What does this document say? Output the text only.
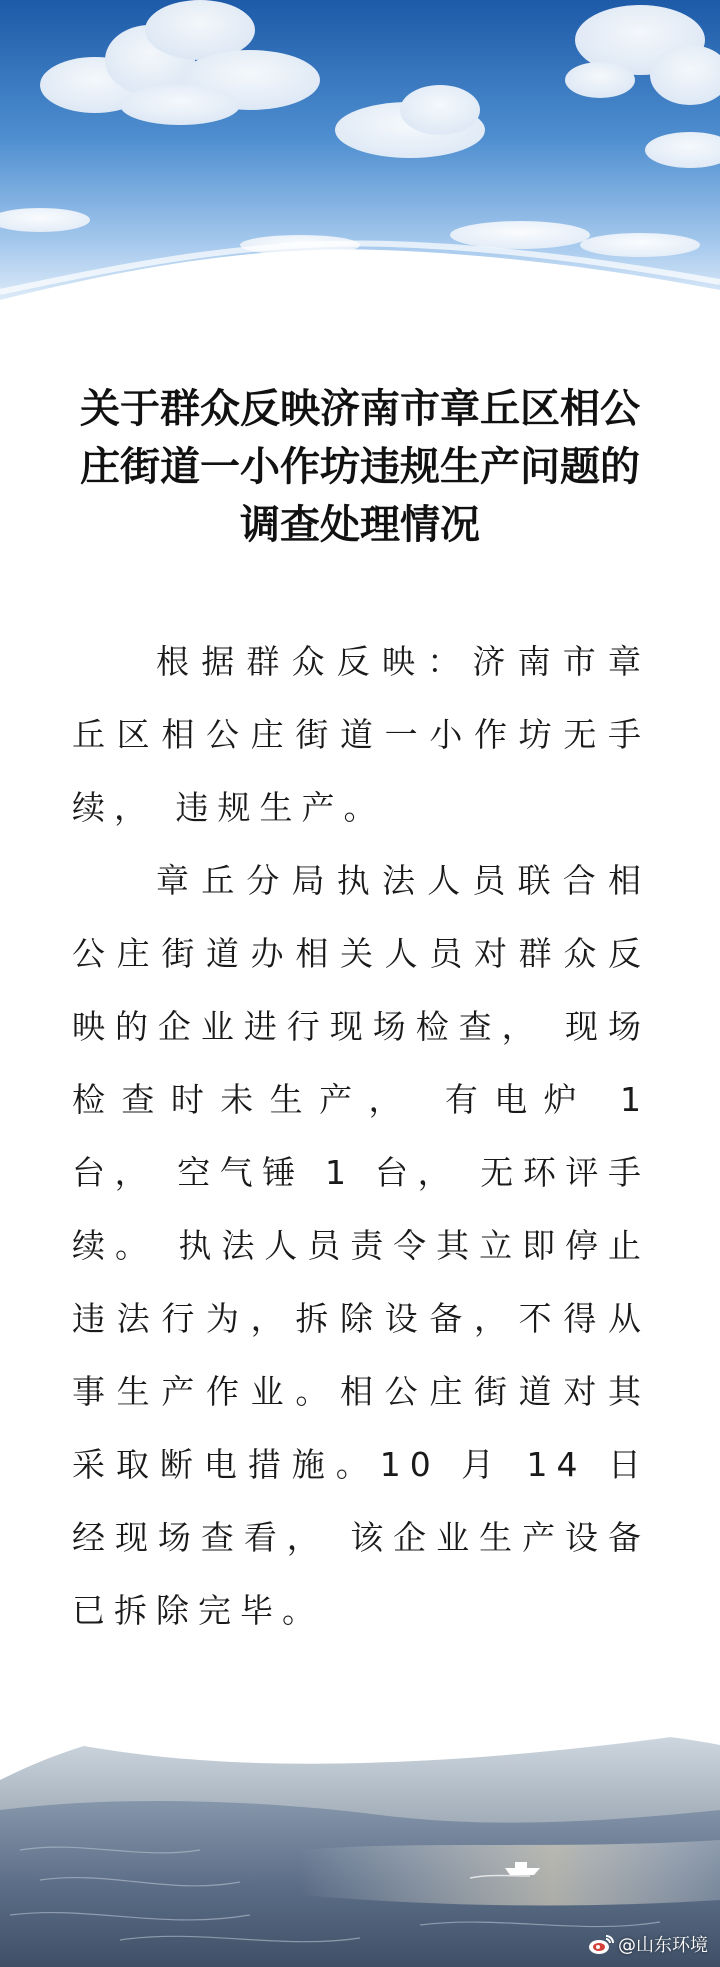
关于群众反映济南市章丘区相公
庄街道一小作坊违规生产问题的
调查处理情况

根据群众反映：济南市章丘区相公庄街道一小作坊无手续， 违规生产。

章丘分局执法人员联合相公庄街道办相关人员对群众反映的企业进行现场检查， 现场检查时未生产， 有电炉 1 台， 空气锤 1 台， 无环评手续。 执法人员责令其立即停止违法行为，拆除设备，不得从事生产作业。相公庄街道对其采取断电措施。10 月 14 日经现场查看， 该企业生产设备已拆除完毕。

@山东环境
